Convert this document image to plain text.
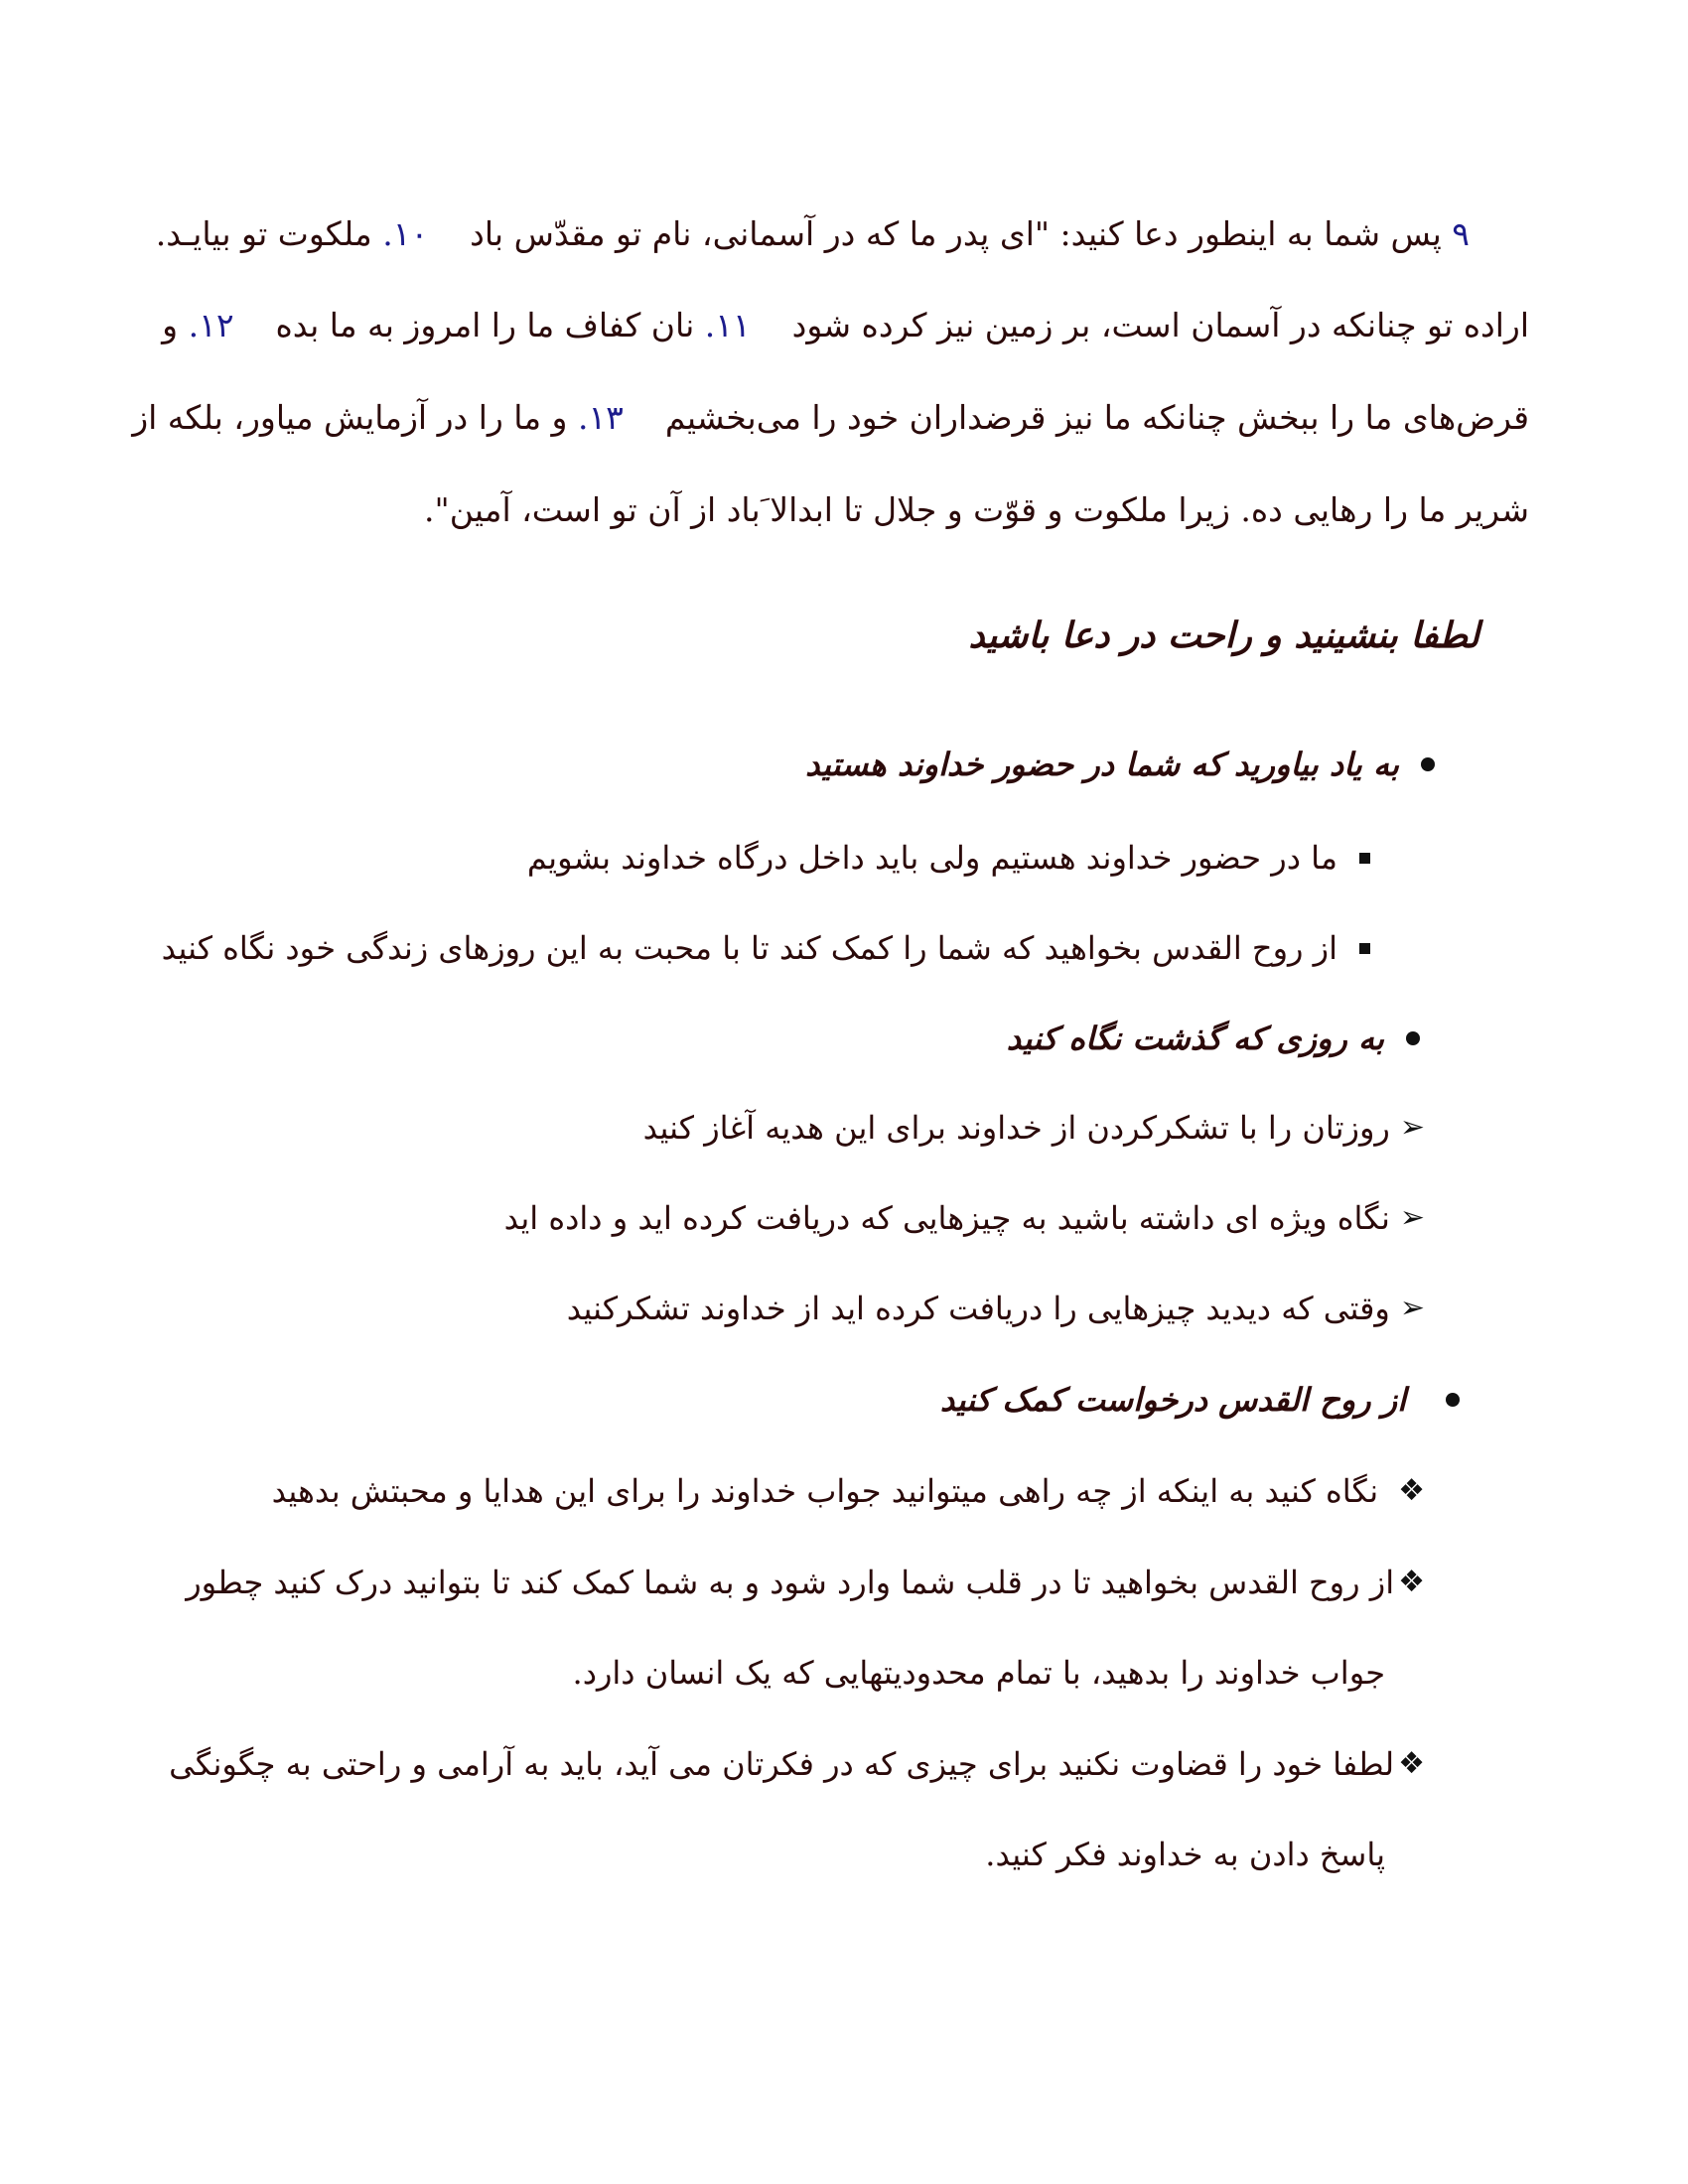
۹ پس شما به اینطور دعا کنید: "ای پدر ما که در آسمانی، نام تو مقدّس باد    ۱۰. ملکوت تو بیایـد.
اراده تو چنانکه در آسمان است، بر زمین نیز کرده شود    ۱۱. نان کفاف ما را امروز به ما بده    ۱۲. و
قرض‌های ما را ببخش چنانکه ما نیز قرضداران خود را می‌بخشیم    ۱۳. و ما را در آزمایش میاور، بلکه از
شریر ما را رهایی ده. زیرا ملکوت و قوّت و جلال تا ابدالا َباد از آن تو است، آمین".
لطفا بنشینید و راحت در دعا باشید
به یاد بیاورید که شما در حضور خداوند هستید
ما در حضور خداوند هستیم ولی باید داخل درگاه خداوند بشویم
از روح القدس بخواهید که شما را کمک کند تا با محبت به این روزهای زندگی خود نگاه کنید
به روزی که گذشت نگاه کنید
➢
روزتان را با تشکرکردن از خداوند برای این هدیه آغاز کنید
➢
نگاه ویژه ای داشته باشید به چیزهایی که دریافت کرده اید و داده اید
➢
وقتی که دیدید چیزهایی را دریافت کرده اید از خداوند تشکرکنید
از روح القدس درخواست کمک کنید
❖
نگاه کنید به اینکه از چه راهی میتوانید جواب خداوند را برای این هدایا و محبتش بدهید
❖
از روح القدس بخواهید تا در قلب شما وارد شود و به شما کمک کند تا بتوانید درک کنید چطور
جواب خداوند را بدهید، با تمام محدودیتهایی که یک انسان دارد.
❖
لطفا خود را قضاوت نکنید برای چیزی که در فکرتان می آید، باید به آرامی و راحتی به چگونگی
پاسخ دادن به خداوند فکر کنید.
